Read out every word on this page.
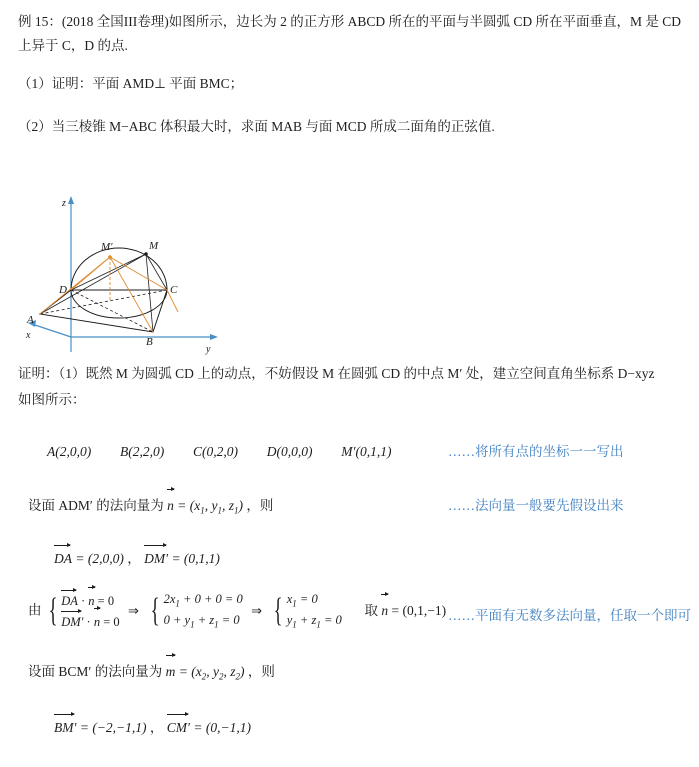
例 15：(2018 全国III卷理)如图所示，边长为 2 的正方形 ABCD 所在的平面与半圆弧 CD 所在平面垂直，M 是 CD 上异于 C，D 的点.
（1）证明：平面 AMD⊥ 平面 BMC；
（2）当三棱锥 M−ABC 体积最大时，求面 MAB 与面 MCD 所成二面角的正弦值.
z
y
x
M
M′
D	C
A
B
证明：（1）既然 M 为圆弧 CD 上的动点，不妨假设 M 在圆弧 CD 的中点 M′ 处，建立空间直角坐标系 D−xyz
如图所示：
A(2,0,0) B(2,2,0) C(0,2,0) D(0,0,0) M′(0,1,1)	……将所有点的坐标一一写出
设面 ADM′ 的法向量为 $n = (x_1$, $y_1$, $z_1$) ，则	……法向量一般要先假设出来
DA = (2,0,0) ， DM′ = (0,1,1)
由 { DA ·
n = 0
DM′ ·
n = 0
⇒ { $2x_1 + 0 + 0 = 0$
$0 + y_1 + z_1 = 0$
⇒ { $x_1 = 0$
$y_1 + z_1 = 0$
取
n = (0,1,−1) ……平面有无数多法向量，任取一个即可
设面 BCM′ 的法向量为 $m = (x_2$, $y_2$, $z_2$) ，则
BM′ = (−2,−1,1) ， CM′ = (0,−1,1)
